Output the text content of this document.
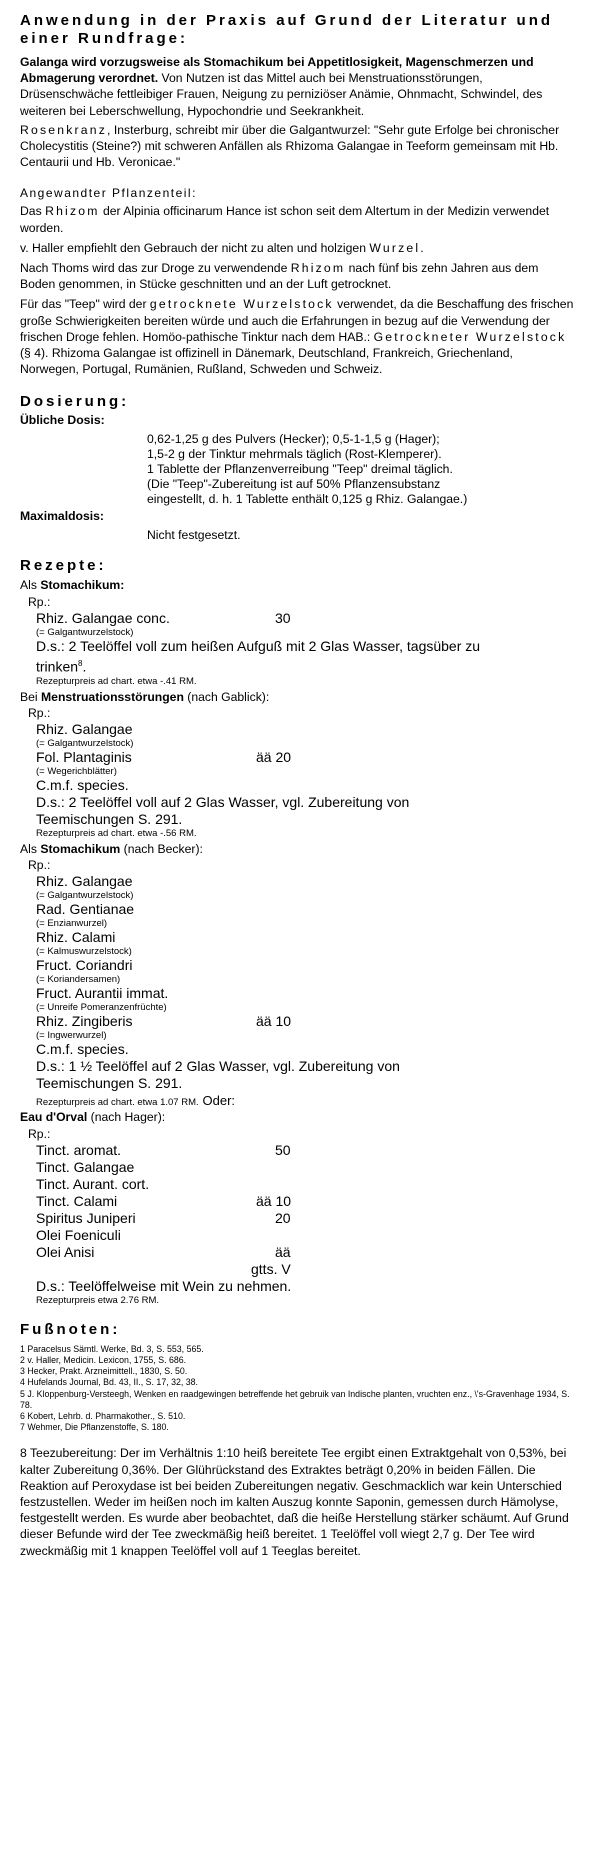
Anwendung in der Praxis auf Grund der Literatur und einer Rundfrage:

Galanga wird vorzugsweise als Stomachikum bei Appetitlosigkeit, Magenschmerzen und Abmagerung verordnet. Von Nutzen ist das Mittel auch bei Menstruationsstörungen, Drüsenschwäche fettleibiger Frauen, Neigung zu perniziöser Anämie, Ohnmacht, Schwindel, des weiteren bei Leberschwellung, Hypochondrie und Seekrankheit.

Rosenkranz, Insterburg, schreibt mir über die Galgantwurzel: "Sehr gute Erfolge bei chronischer Cholecystitis (Steine?) mit schweren Anfällen als Rhizoma Galangae in Teeform gemeinsam mit Hb. Centaurii und Hb. Veronicae."

Angewandter Pflanzenteil:

Das Rhizom der Alpinia officinarum Hance ist schon seit dem Altertum in der Medizin verwendet worden.

v. Haller empfiehlt den Gebrauch der nicht zu alten und holzigen Wurzel.

Nach Thoms wird das zur Droge zu verwendende Rhizom nach fünf bis zehn Jahren aus dem Boden genommen, in Stücke geschnitten und an der Luft getrocknet.

Für das "Teep" wird der getrocknete Wurzelstock verwendet, da die Beschaffung des frischen große Schwierigkeiten bereiten würde und auch die Erfahrungen in bezug auf die Verwendung der frischen Droge fehlen. Homöo-pathische Tinktur nach dem HAB.: Getrockneter Wurzelstock (§ 4). Rhizoma Galangae ist offizinell in Dänemark, Deutschland, Frankreich, Griechenland, Norwegen, Portugal, Rumänien, Rußland, Schweden und Schweiz.

Dosierung:
Übliche Dosis:
0,62-1,25 g des Pulvers (Hecker); 0,5-1-1,5 g (Hager);
1,5-2 g der Tinktur mehrmals täglich (Rost-Klemperer).
1 Tablette der Pflanzenverreibung "Teep" dreimal täglich.
(Die "Teep"-Zubereitung ist auf 50% Pflanzensubstanz
eingestellt, d. h. 1 Tablette enthält 0,125 g Rhiz. Galangae.)
Maximaldosis:
Nicht festgesetzt.
Rezepte:

Als Stomachikum:

Rp.:

Rhiz. Galangae conc.	30
(= Galgantwurzelstock)
D.s.: 2 Teelöffel voll zum heißen Aufguß mit 2 Glas Wasser, tagsüber zu
trinken$^8$.
Rezepturpreis ad chart. etwa -.41 RM.

Bei Menstruationsstörungen (nach Gablick):

Rp.:

Rhiz. Galangae
(= Galgantwurzelstock)
Fol. Plantaginis	ää 20
(= Wegerichblätter)
C.m.f. species.
D.s.: 2 Teelöffel voll auf 2 Glas Wasser, vgl. Zubereitung von
Teemischungen S. 291.
Rezepturpreis ad chart. etwa -.56 RM.

Als Stomachikum (nach Becker):

Rp.:

Rhiz. Galangae
(= Galgantwurzelstock)
Rad. Gentianae
(= Enzianwurzel)
Rhiz. Calami
(= Kalmuswurzelstock)
Fruct. Coriandri
(= Koriandersamen)
Fruct. Aurantii immat.
(= Unreife Pomeranzenfrüchte)
Rhiz. Zingiberis	ää 10
(= Ingwerwurzel)
C.m.f. species.
D.s.: 1 ½ Teelöffel auf 2 Glas Wasser, vgl. Zubereitung von
Teemischungen S. 291.
Rezepturpreis ad chart. etwa 1.07 RM. Oder:

Eau d'Orval (nach Hager):

Rp.:

Tinct. aromat.	50
Tinct. Galangae
Tinct. Aurant. cort.
Tinct. Calami	ää 10
Spiritus Juniperi	20
Olei Foeniculi
Olei Anisi	ää
gtts. V
D.s.: Teelöffelweise mit Wein zu nehmen.
Rezepturpreis etwa 2.76 RM.
Fußnoten:
1 Paracelsus Sämtl. Werke, Bd. 3, S. 553, 565.
2 v. Haller, Medicin. Lexicon, 1755, S. 686.
3 Hecker, Prakt. Arzneimittell., 1830, S. 50.
4 Hufelands Journal, Bd. 43, II., S. 17, 32, 38.
5 J. Kloppenburg-Versteegh, Wenken en raadgewingen betreffende het gebruik van Indische planten, vruchten enz., \'s-Gravenhage 1934, S. 78.
6 Kobert, Lehrb. d. Pharmakother., S. 510.
7 Wehmer, Die Pflanzenstoffe, S. 180.

8 Teezubereitung: Der im Verhältnis 1:10 heiß bereitete Tee ergibt einen Extraktgehalt von 0,53%, bei kalter Zubereitung 0,36%. Der Glührückstand des Extraktes beträgt 0,20% in beiden Fällen. Die Reaktion auf Peroxydase ist bei beiden Zubereitungen negativ. Geschmacklich war kein Unterschied festzustellen. Weder im heißen noch im kalten Auszug konnte Saponin, gemessen durch Hämolyse, festgestellt werden. Es wurde aber beobachtet, daß die heiße Herstellung stärker schäumt. Auf Grund dieser Befunde wird der Tee zweckmäßig heiß bereitet. 1 Teelöffel voll wiegt 2,7 g. Der Tee wird zweckmäßig mit 1 knappen Teelöffel voll auf 1 Teeglas bereitet.
